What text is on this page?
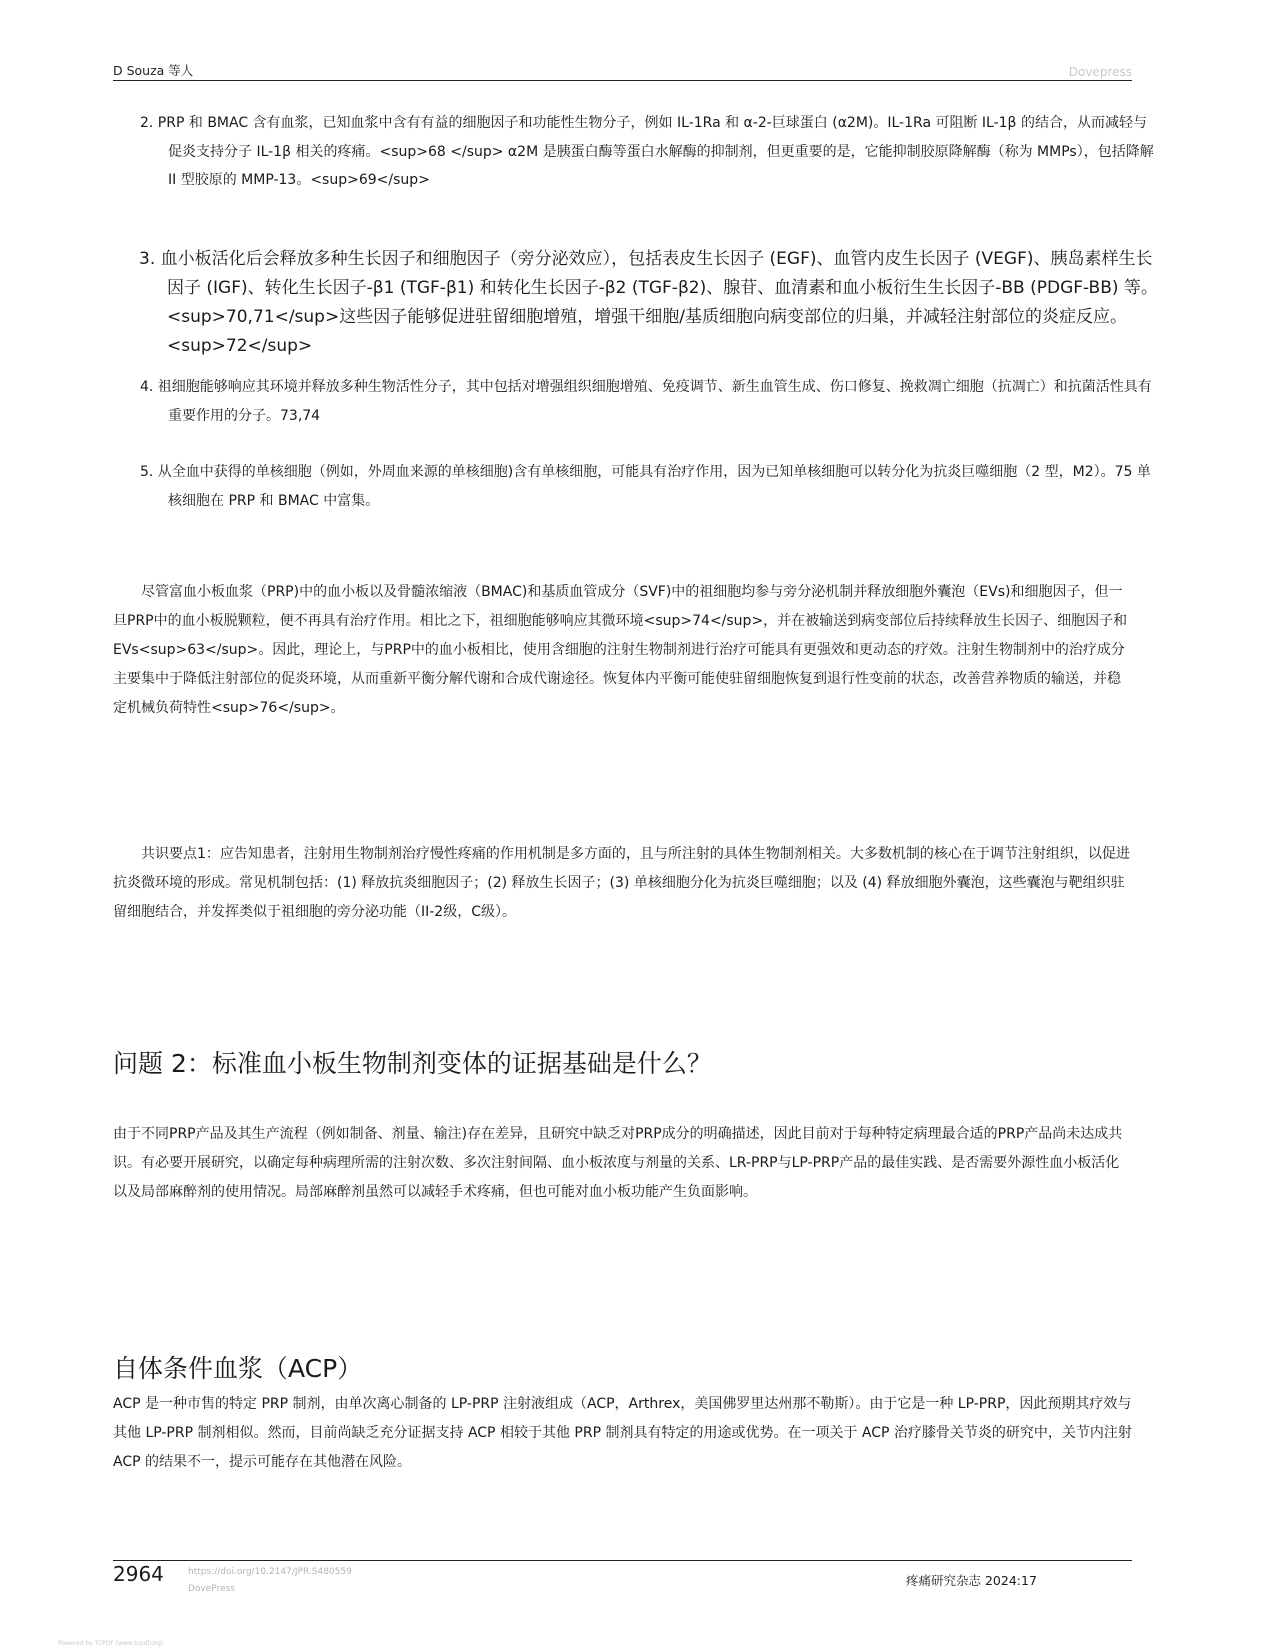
D Souza 等人	Dovepress
2. PRP 和 BMAC 含有血浆，已知血浆中含有有益的细胞因子和功能性生物分子，例如 IL-1Ra 和 α-2-巨球蛋白 (α2M)。IL-1Ra 可阻断 IL-1β 的结合，从而减轻与促炎支持分子 IL-1β 相关的疼痛。<sup>68 </sup> α2M 是胰蛋白酶等蛋白水解酶的抑制剂，但更重要的是，它能抑制胶原降解酶（称为 MMPs），包括降解 II 型胶原的 MMP-13。<sup>69</sup>
3. 血小板活化后会释放多种生长因子和细胞因子（旁分泌效应），包括表皮生长因子 (EGF)、血管内皮生长因子 (VEGF)、胰岛素样生长因子 (IGF)、转化生长因子-β1 (TGF-β1) 和转化生长因子-β2 (TGF-β2)、腺苷、血清素和血小板衍生生长因子-BB (PDGF-BB) 等。<sup>70,71</sup>这些因子能够促进驻留细胞增殖，增强干细胞/基质细胞向病变部位的归巢，并减轻注射部位的炎症反应。<sup>72</sup>
4. 祖细胞能够响应其环境并释放多种生物活性分子，其中包括对增强组织细胞增殖、免疫调节、新生血管生成、伤口修复、挽救凋亡细胞（抗凋亡）和抗菌活性具有重要作用的分子。73,74
5. 从全血中获得的单核细胞（例如，外周血来源的单核细胞)含有单核细胞，可能具有治疗作用，因为已知单核细胞可以转分化为抗炎巨噬细胞（2 型，M2）。75 单核细胞在 PRP 和 BMAC 中富集。
尽管富血小板血浆（PRP)中的血小板以及骨髓浓缩液（BMAC)和基质血管成分（SVF)中的祖细胞均参与旁分泌机制并释放细胞外囊泡（EVs)和细胞因子，但一旦PRP中的血小板脱颗粒，便不再具有治疗作用。相比之下，祖细胞能够响应其微环境<sup>74</sup>，并在被输送到病变部位后持续释放生长因子、细胞因子和EVs<sup>63</sup>。因此，理论上，与PRP中的血小板相比，使用含细胞的注射生物制剂进行治疗可能具有更强效和更动态的疗效。注射生物制剂中的治疗成分主要集中于降低注射部位的促炎环境，从而重新平衡分解代谢和合成代谢途径。恢复体内平衡可能使驻留细胞恢复到退行性变前的状态，改善营养物质的输送，并稳定机械负荷特性<sup>76</sup>。
共识要点1：应告知患者，注射用生物制剂治疗慢性疼痛的作用机制是多方面的，且与所注射的具体生物制剂相关。大多数机制的核心在于调节注射组织，以促进抗炎微环境的形成。常见机制包括：(1) 释放抗炎细胞因子；(2) 释放生长因子；(3) 单核细胞分化为抗炎巨噬细胞；以及 (4) 释放细胞外囊泡，这些囊泡与靶组织驻留细胞结合，并发挥类似于祖细胞的旁分泌功能（II-2级，C级）。
问题 2：标准血小板生物制剂变体的证据基础是什么？
由于不同PRP产品及其生产流程（例如制备、剂量、输注)存在差异，且研究中缺乏对PRP成分的明确描述，因此目前对于每种特定病理最合适的PRP产品尚未达成共识。有必要开展研究，以确定每种病理所需的注射次数、多次注射间隔、血小板浓度与剂量的关系、LR-PRP与LP-PRP产品的最佳实践、是否需要外源性血小板活化以及局部麻醉剂的使用情况。局部麻醉剂虽然可以减轻手术疼痛，但也可能对血小板功能产生负面影响。
自体条件血浆（ACP）
ACP 是一种市售的特定 PRP 制剂，由单次离心制备的 LP-PRP 注射液组成（ACP，Arthrex，美国佛罗里达州那不勒斯）。由于它是一种 LP-PRP，因此预期其疗效与其他 LP-PRP 制剂相似。然而，目前尚缺乏充分证据支持 ACP 相较于其他 PRP 制剂具有特定的用途或优势。在一项关于 ACP 治疗膝骨关节炎的研究中，关节内注射 ACP 的结果不一，提示可能存在其他潜在风险。
2964	https://doi.org/10.2147/JPR.S480559
DovePress
疼痛研究杂志 2024:17
Powered by TCPDF (www.tcpdf.org)
